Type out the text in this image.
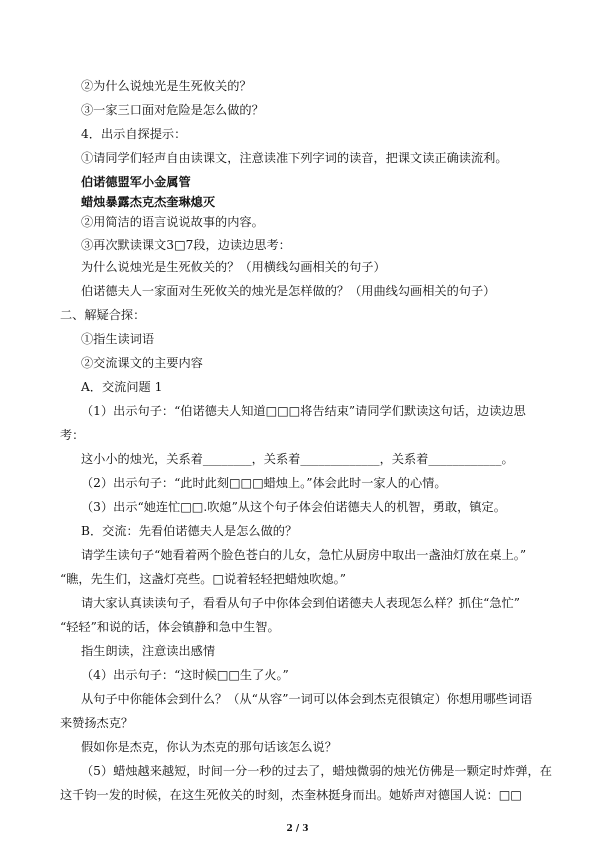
②为什么说烛光是生死攸关的？
③一家三口面对危险是怎么做的？
4．出示自探提示：
①请同学们轻声自由读课文，注意读准下列字词的读音，把课文读正确读流利。
伯诺德盟军小金属管
蜡烛暴露杰克杰奎琳熄灭
②用简洁的语言说说故事的内容。
③再次默读课文3□7段，边读边思考：
为什么说烛光是生死攸关的？（用横线勾画相关的句子）
伯诺德夫人一家面对生死攸关的烛光是怎样做的？（用曲线勾画相关的句子）
二、解疑合探：
①指生读词语
②交流课文的主要内容
A．交流问题 1
（1）出示句子：“伯诺德夫人知道□□□将告结束”请同学们默读这句话，边读边思
考：
这小小的烛光，关系着________，关系着_____________，关系着____________。
（2）出示句子：“此时此刻□□□蜡烛上。”体会此时一家人的心情。
（3）出示“她连忙□□.吹熄”从这个句子体会伯诺德夫人的机智，勇敢，镇定。
B．交流：先看伯诺德夫人是怎么做的？
请学生读句子“她看着两个脸色苍白的儿女，急忙从厨房中取出一盏油灯放在桌上。”
“瞧，先生们，这盏灯亮些。□说着轻轻把蜡烛吹熄。”
请大家认真读读句子，看看从句子中你体会到伯诺德夫人表现怎么样？抓住“急忙”
“轻轻”和说的话，体会镇静和急中生智。
指生朗读，注意读出感情
（4）出示句子：“这时候□□生了火。”
从句子中你能体会到什么？（从“从容”一词可以体会到杰克很镇定）你想用哪些词语
来赞扬杰克？
假如你是杰克，你认为杰克的那句话该怎么说？
（5）蜡烛越来越短，时间一分一秒的过去了，蜡烛微弱的烛光仿佛是一颗定时炸弹，在
这千钧一发的时候，在这生死攸关的时刻，杰奎林挺身而出。她娇声对德国人说：□□
2 / 3
